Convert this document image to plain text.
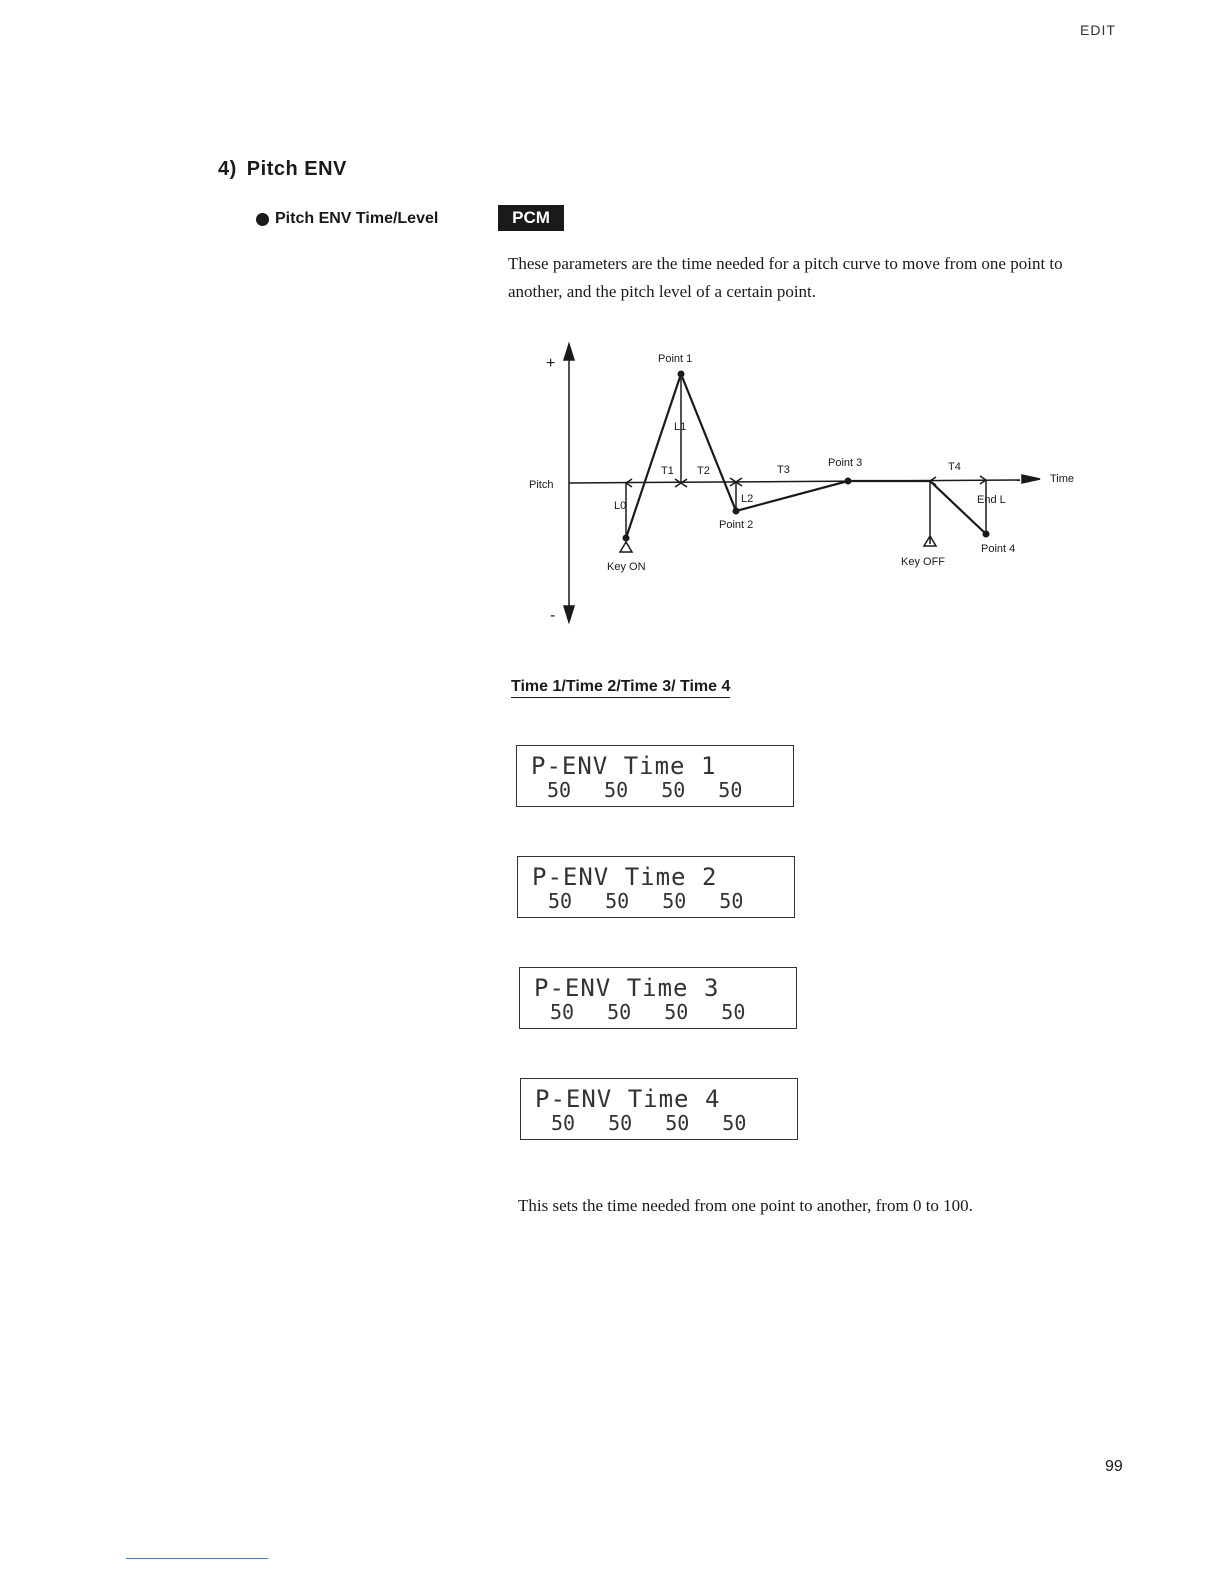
EDIT
4) Pitch ENV
Pitch ENV Time/Level	PCM
These parameters are the time needed for a pitch curve to move from one point to another, and the pitch level of a certain point.
+
-
Pitch	Time
Point 1
Point 2
Point 3
Point 4
L0
L1
L2
T1 T2	T3	T4
End L
Key ON	Key OFF
Time 1/Time 2/Time 3/ Time 4
P-ENV Time 1
50 50 50 50
P-ENV Time 2
50 50 50 50
P-ENV Time 3
50 50 50 50
P-ENV Time 4
50 50 50 50
This sets the time needed from one point to another, from 0 to 100.
99
